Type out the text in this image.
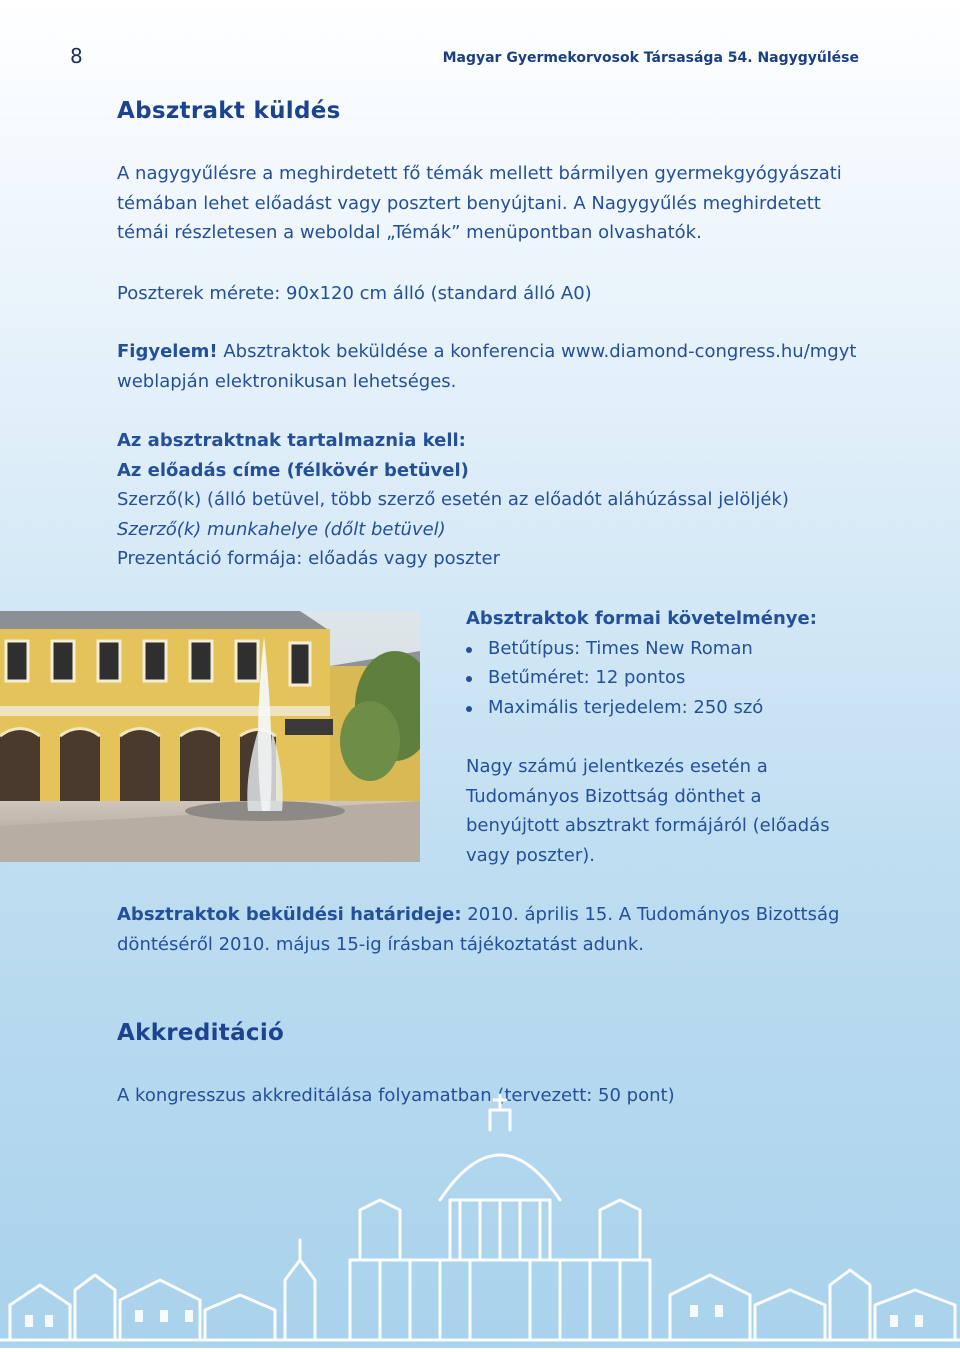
8	Magyar Gyermekorvosok Társasága 54. Nagygyűlése
Absztrakt küldés

A nagygyűlésre a meghirdetett fő témák mellett bármilyen gyermekgyógyászati

témában lehet előadást vagy posztert benyújtani. A Nagygyűlés meghirdetett

témái részletesen a weboldal „Témák” menüpontban olvashatók.

Poszterek mérete: 90x120 cm álló (standard álló A0)

Figyelem! Absztraktok beküldése a konferencia www.diamond-congress.hu/mgyt

weblapján elektronikusan lehetséges.

Az absztraktnak tartalmaznia kell:

Az előadás címe (félkövér betüvel)

Szerző(k) (álló betüvel, több szerző esetén az előadót aláhúzással jelöljék)

Szerző(k) munkahelye (dőlt betüvel)

Prezentáció formája: előadás vagy poszter

Absztraktok formai követelménye:

Betűtípus: Times New Roman
Betűméret: 12 pontos
Maximális terjedelem: 250 szó

Nagy számú jelentkezés esetén a

Tudományos Bizottság dönthet a

benyújtott absztrakt formájáról (előadás

vagy poszter).

Absztraktok beküldési határideje: 2010. április 15. A Tudományos Bizottság

döntéséről 2010. május 15-ig írásban tájékoztatást adunk.

Akkreditáció

A kongresszus akkreditálása folyamatban (tervezett: 50 pont)
